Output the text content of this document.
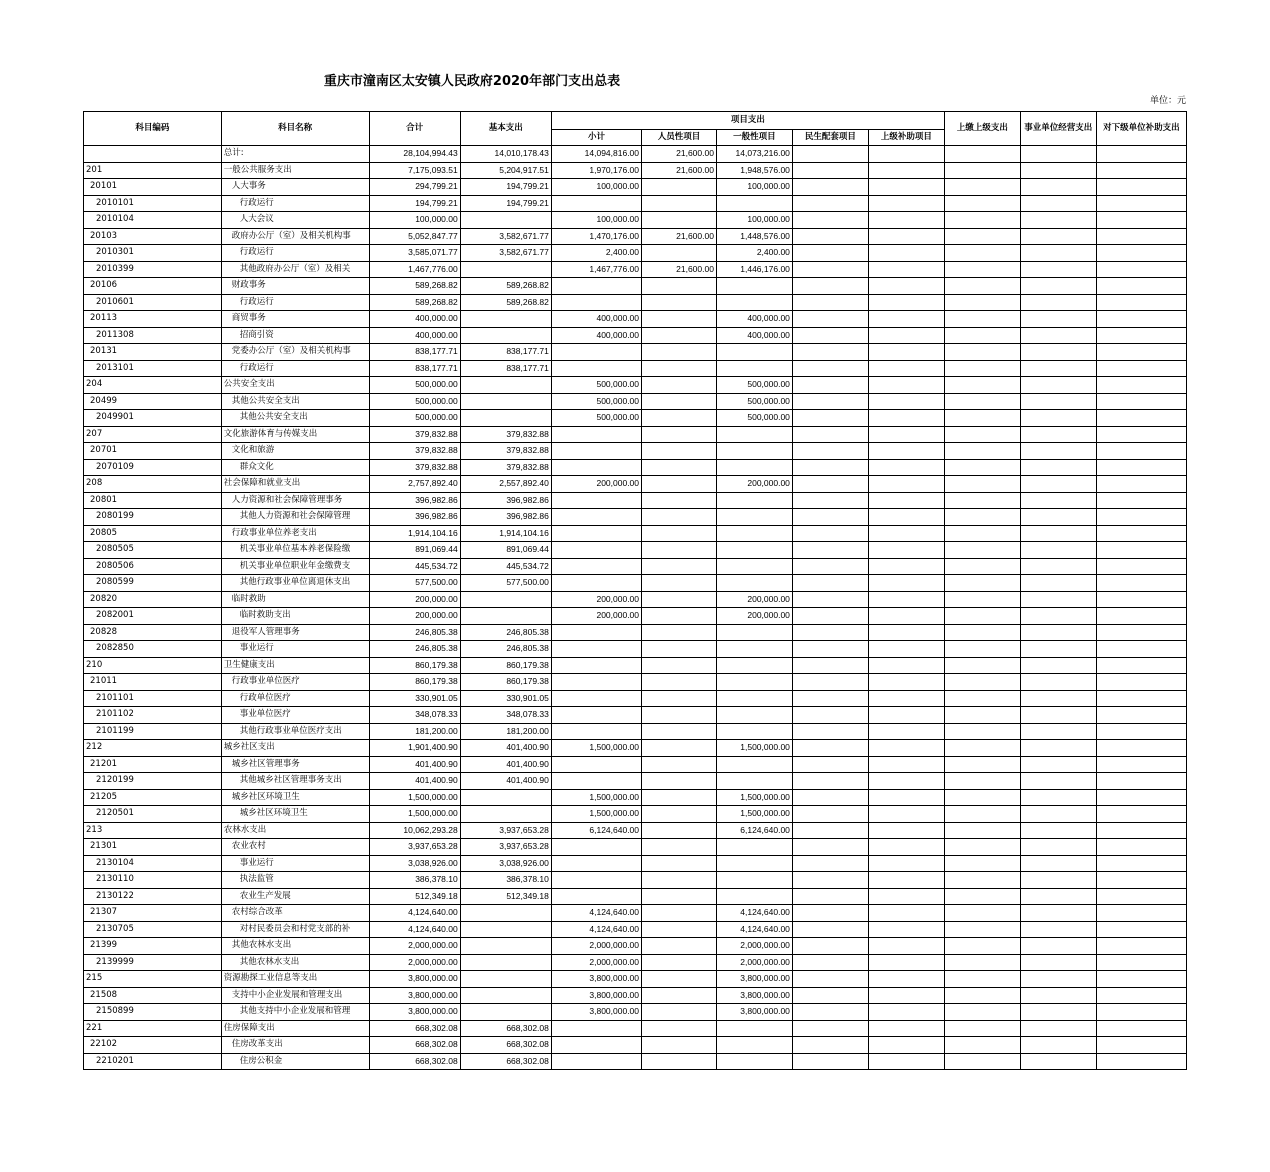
重庆市潼南区太安镇人民政府2020年部门支出总表
单位：元
科目编码	科目名称	合计	基本支出	项目支出					上缴上级支出	事业单位经营支出	对下级单位补助支出
				小计	人员性项目	一般性项目	民生配套项目	上级补助项目			
	总计:	28,104,994.43	14,010,178.43	14,094,816.00	21,600.00	14,073,216.00					
201	一般公共服务支出	7,175,093.51	5,204,917.51	1,970,176.00	21,600.00	1,948,576.00					
20101	人大事务	294,799.21	194,799.21	100,000.00		100,000.00					
2010101	行政运行	194,799.21	194,799.21								
2010104	人大会议	100,000.00		100,000.00		100,000.00					
20103	政府办公厅（室）及相关机构事	5,052,847.77	3,582,671.77	1,470,176.00	21,600.00	1,448,576.00					
2010301	行政运行	3,585,071.77	3,582,671.77	2,400.00		2,400.00					
2010399	其他政府办公厅（室）及相关	1,467,776.00		1,467,776.00	21,600.00	1,446,176.00					
20106	财政事务	589,268.82	589,268.82								
2010601	行政运行	589,268.82	589,268.82								
20113	商贸事务	400,000.00		400,000.00		400,000.00					
2011308	招商引资	400,000.00		400,000.00		400,000.00					
20131	党委办公厅（室）及相关机构事	838,177.71	838,177.71								
2013101	行政运行	838,177.71	838,177.71								
204	公共安全支出	500,000.00		500,000.00		500,000.00					
20499	其他公共安全支出	500,000.00		500,000.00		500,000.00					
2049901	其他公共安全支出	500,000.00		500,000.00		500,000.00					
207	文化旅游体育与传媒支出	379,832.88	379,832.88								
20701	文化和旅游	379,832.88	379,832.88								
2070109	群众文化	379,832.88	379,832.88								
208	社会保障和就业支出	2,757,892.40	2,557,892.40	200,000.00		200,000.00					
20801	人力资源和社会保障管理事务	396,982.86	396,982.86								
2080199	其他人力资源和社会保障管理	396,982.86	396,982.86								
20805	行政事业单位养老支出	1,914,104.16	1,914,104.16								
2080505	机关事业单位基本养老保险缴	891,069.44	891,069.44								
2080506	机关事业单位职业年金缴费支	445,534.72	445,534.72								
2080599	其他行政事业单位离退休支出	577,500.00	577,500.00								
20820	临时救助	200,000.00		200,000.00		200,000.00					
2082001	临时救助支出	200,000.00		200,000.00		200,000.00					
20828	退役军人管理事务	246,805.38	246,805.38								
2082850	事业运行	246,805.38	246,805.38								
210	卫生健康支出	860,179.38	860,179.38								
21011	行政事业单位医疗	860,179.38	860,179.38								
2101101	行政单位医疗	330,901.05	330,901.05								
2101102	事业单位医疗	348,078.33	348,078.33								
2101199	其他行政事业单位医疗支出	181,200.00	181,200.00								
212	城乡社区支出	1,901,400.90	401,400.90	1,500,000.00		1,500,000.00					
21201	城乡社区管理事务	401,400.90	401,400.90								
2120199	其他城乡社区管理事务支出	401,400.90	401,400.90								
21205	城乡社区环境卫生	1,500,000.00		1,500,000.00		1,500,000.00					
2120501	城乡社区环境卫生	1,500,000.00		1,500,000.00		1,500,000.00					
213	农林水支出	10,062,293.28	3,937,653.28	6,124,640.00		6,124,640.00					
21301	农业农村	3,937,653.28	3,937,653.28								
2130104	事业运行	3,038,926.00	3,038,926.00								
2130110	执法监管	386,378.10	386,378.10								
2130122	农业生产发展	512,349.18	512,349.18								
21307	农村综合改革	4,124,640.00		4,124,640.00		4,124,640.00					
2130705	对村民委员会和村党支部的补	4,124,640.00		4,124,640.00		4,124,640.00					
21399	其他农林水支出	2,000,000.00		2,000,000.00		2,000,000.00					
2139999	其他农林水支出	2,000,000.00		2,000,000.00		2,000,000.00					
215	资源勘探工业信息等支出	3,800,000.00		3,800,000.00		3,800,000.00					
21508	支持中小企业发展和管理支出	3,800,000.00		3,800,000.00		3,800,000.00					
2150899	其他支持中小企业发展和管理	3,800,000.00		3,800,000.00		3,800,000.00					
221	住房保障支出	668,302.08	668,302.08								
22102	住房改革支出	668,302.08	668,302.08								
2210201	住房公积金	668,302.08	668,302.08								
